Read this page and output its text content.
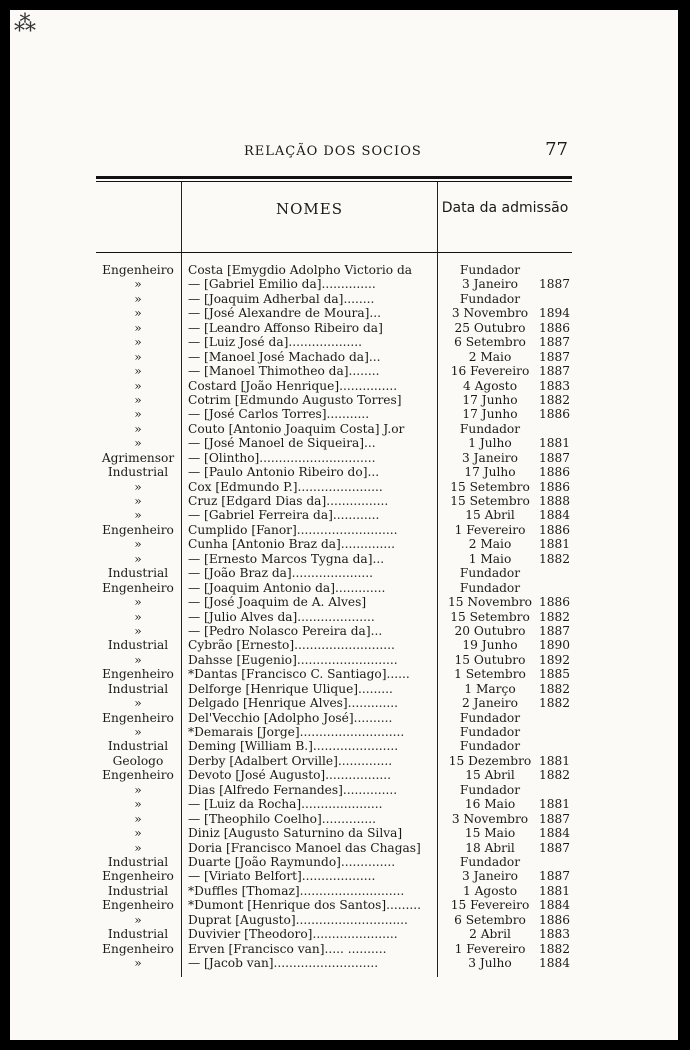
⁂
RELAÇÃO DOS SOCIOS	77
NOMES	Data da admissão
Engenheiro	Costa [Emygdio Adolpho Victorio da	Fundador
»	— [Gabriel Emilio da]..............	3 Janeiro	1887
»	— [Joaquim Adherbal da]........	Fundador
»	— [José Alexandre de Moura]...	3 Novembro 1894
»	— [Leandro Affonso Ribeiro da]	25 Outubro	1886
»	— [Luiz José da]...................	6 Setembro	1887
»	— [Manoel José Machado da]...	2 Maio	1887
»	— [Manoel Thimotheo da]........	16 Fevereiro 1887
»	Costard [João Henrique]...............	4 Agosto	1883
»	Cotrim [Edmundo Augusto Torres]	17 Junho	1882
»	— [José Carlos Torres]...........	17 Junho	1886
»	Couto [Antonio Joaquim Costa] J.or	Fundador
»	— [José Manoel de Siqueira]...	1 Julho	1881
Agrimensor	— [Olintho]..............................	3 Janeiro	1887
Industrial	— [Paulo Antonio Ribeiro do]...	17 Julho	1886
»	Cox [Edmundo P.]......................	15 Setembro 1886
»	Cruz [Edgard Dias da]................	15 Setembro 1888
»	— [Gabriel Ferreira da]............	15 Abril	1884
Engenheiro	Cumplido [Fanor]..........................	1 Fevereiro	1886
»	Cunha [Antonio Braz da]..............	2 Maio	1881
»	— [Ernesto Marcos Tygna da]...	1 Maio	1882
Industrial	— [João Braz da].....................	Fundador
Engenheiro	— [Joaquim Antonio da].............	Fundador
»	— [José Joaquim de A. Alves]	15 Novembro 1886
»	— [Julio Alves da]....................	15 Setembro 1882
»	— [Pedro Nolasco Pereira da]...	20 Outubro	1887
Industrial	Cybrão [Ernesto]..........................	19 Junho	1890
»	Dahsse [Eugenio]..........................	15 Outubro	1892
Engenheiro	*Dantas [Francisco C. Santiago]......	1 Setembro	1885
Industrial	Delforge [Henrique Ulique].........	1 Março	1882
»	Delgado [Henrique Alves].............	2 Janeiro	1882
Engenheiro	Del'Vecchio [Adolpho José]..........	Fundador
»	*Demarais [Jorge]...........................	Fundador
Industrial	Deming [William B.]......................	Fundador
Geologo	Derby [Adalbert Orville]..............	15 Dezembro 1881
Engenheiro	Devoto [José Augusto].................	15 Abril	1882
»	Dias [Alfredo Fernandes]..............	Fundador
»	— [Luiz da Rocha].....................	16 Maio	1881
»	— [Theophilo Coelho]..............	3 Novembro 1887
»	Diniz [Augusto Saturnino da Silva]	15 Maio	1884
»	Doria [Francisco Manoel das Chagas]	18 Abril	1887
Industrial	Duarte [João Raymundo]..............	Fundador
Engenheiro	— [Viriato Belfort]...................	3 Janeiro	1887
Industrial	*Duffles [Thomaz]...........................	1 Agosto	1881
Engenheiro	*Dumont [Henrique dos Santos].........	15 Fevereiro 1884
»	Duprat [Augusto].............................	6 Setembro	1886
Industrial	Duvivier [Theodoro]......................	2 Abril	1883
Engenheiro	Erven [Francisco van]..... ..........	1 Fevereiro	1882
»	— [Jacob van]...........................	3 Julho	1884
